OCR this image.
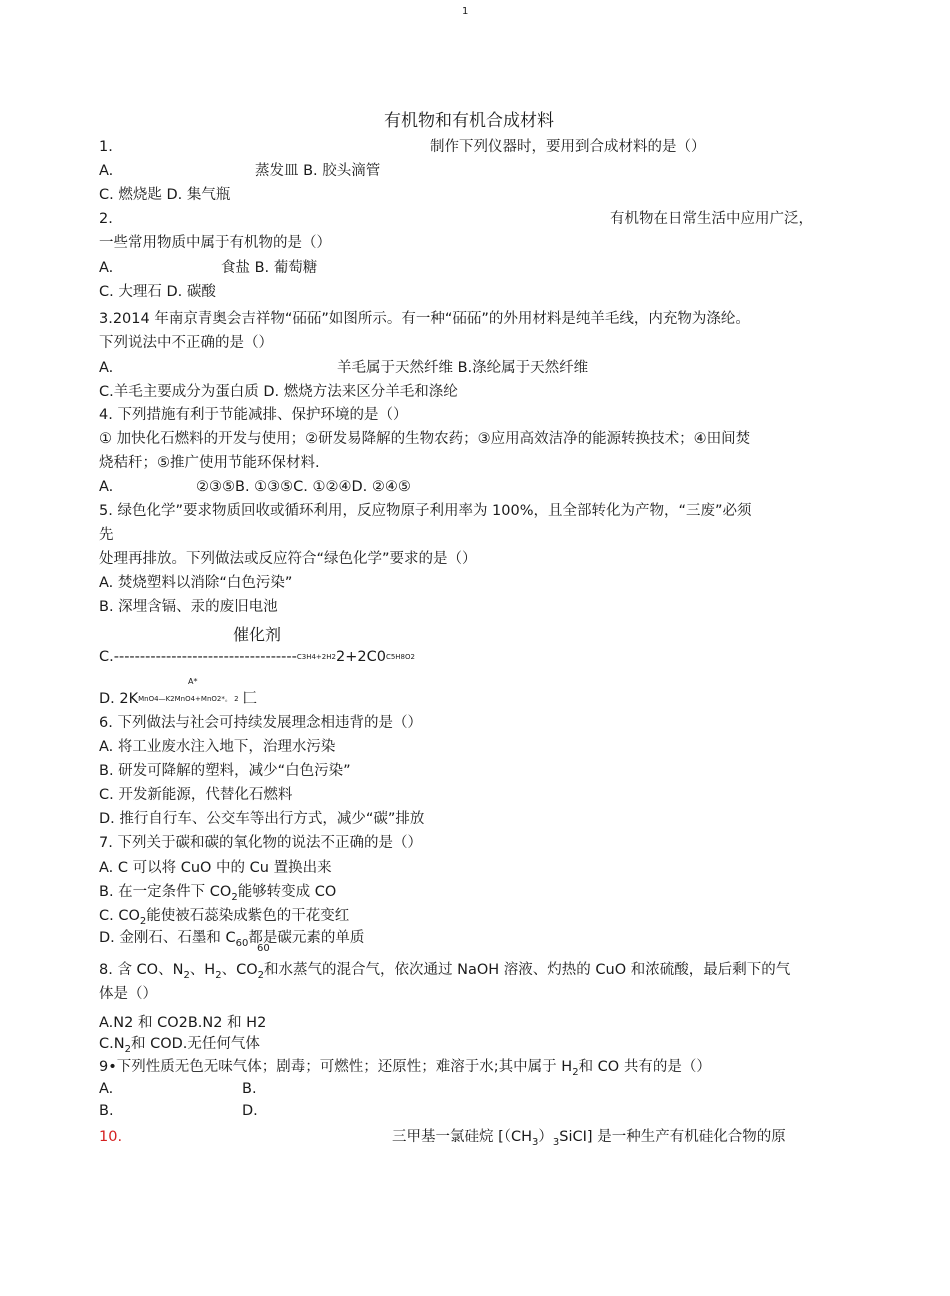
1
有机物和有机合成材料
1.	制作下列仪器时，要用到合成材料的是（）
A.	蒸发皿 B. 胶头滴管
C. 燃烧匙 D. 集气瓶
2.	有机物在日常生活中应用广泛，
一些常用物质中属于有机物的是（）
A.	食盐 B. 葡萄糖
C. 大理石 D. 碳酸
3.2014 年南京青奥会吉祥物“砳砳”如图所示。有一种“砳砳”的外用材料是纯羊毛线，内充物为涤纶。
下列说法中不正确的是（）
A.	羊毛属于天然纤维 B.涤纶属于天然纤维
C.羊毛主要成分为蛋白质 D. 燃烧方法来区分羊毛和涤纶
4. 下列措施有利于节能减排、保护环境的是（）
① 加快化石燃料的开发与使用；②研发易降解的生物农药；③应用高效洁净的能源转换技术；④田间焚
烧秸秆；⑤推广使用节能环保材料.
A.	②③⑤B. ①③⑤C. ①②④D. ②④⑤
5. 绿色化学”要求物质回收或循环利用，反应物原子利用率为 100%，且全部转化为产物，“三废”必须
先
处理再排放。下列做法或反应符合“绿色化学”要求的是（）
A. 焚烧塑料以消除“白色污染”
B. 深埋含镉、汞的废旧电池
催化剂
C.-----------------------------------C3H4+2H22+2C0C5H8O2
A*
D. 2KMnO4—K2MnO4+MnO2*。 2 匚
6. 下列做法与社会可持续发展理念相违背的是（）
A. 将工业废水注入地下，治理水污染
B. 研发可降解的塑料，减少“白色污染”
C. 开发新能源，代替化石燃料
D. 推行自行车、公交车等出行方式，减少“碳”排放
7. 下列关于碳和碳的氧化物的说法不正确的是（）
A. C 可以将 CuO 中的 Cu 置换出来
B. 在一定条件下 $CO_2$能够转变成 CO
C. $CO_2$能使被石蕊染成紫色的干花变红
D. 金刚石、石墨和 $C_{60}$都是碳元素的单质
60
8. 含 CO、$N_2$、$H_2$、$CO_2$和水蒸气的混合气，依次通过 NaOH 溶液、灼热的 CuO 和浓硫酸，最后剩下的气
体是（）
A.N2 和 CO2B.N2 和 H2
$C.N_2$和 COD.无任何气体
9•下列性质无色无味气体；剧毒；可燃性；还原性；难溶于水;其中属于 $H_2$和 CO 共有的是（）
A.	B.
B.	D.
10.	三甲基一氯硅烷 $[(CH_3)_3SiCI]$ 是一种生产有机硅化合物的原
